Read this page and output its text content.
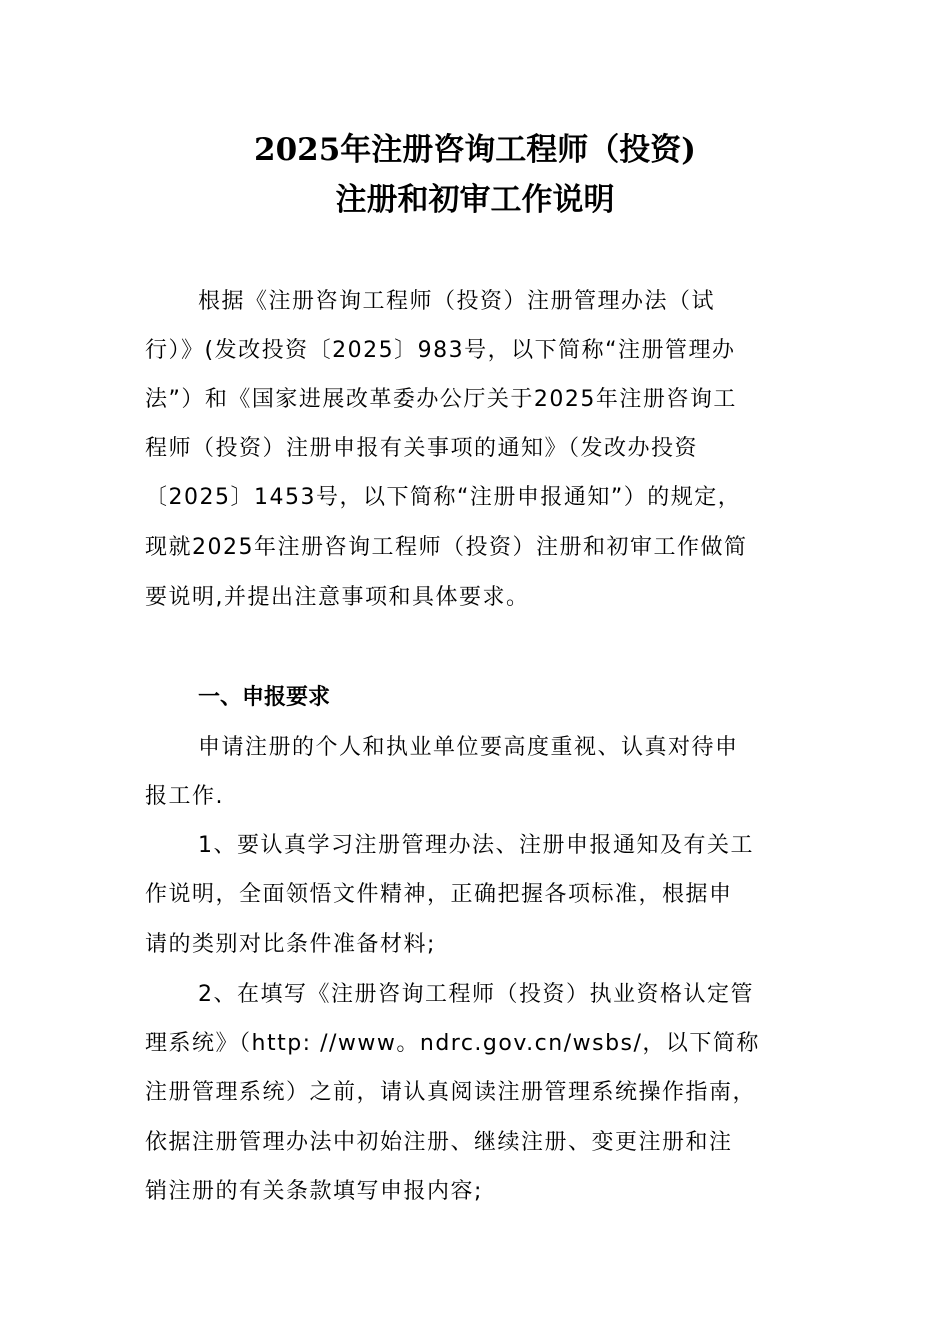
2025年注册咨询工程师（投资)
注册和初审工作说明
根据《注册咨询工程师（投资）注册管理办法（试
行）》(发改投资〔2025〕983号，以下简称“注册管理办
法”）和《国家进展改革委办公厅关于2025年注册咨询工
程师（投资）注册申报有关事项的通知》（发改办投资
〔2025〕1453号，以下简称“注册申报通知”）的规定，
现就2025年注册咨询工程师（投资）注册和初审工作做简
要说明,并提出注意事项和具体要求。
一、申报要求
申请注册的个人和执业单位要高度重视、认真对待申
报工作.
1、要认真学习注册管理办法、注册申报通知及有关工
作说明，全面领悟文件精神，正确把握各项标准，根据申
请的类别对比条件准备材料;
2、在填写《注册咨询工程师（投资）执业资格认定管
理系统》（http: //www。ndrc.gov.cn/wsbs/，以下简称
注册管理系统）之前，请认真阅读注册管理系统操作指南，
依据注册管理办法中初始注册、继续注册、变更注册和注
销注册的有关条款填写申报内容;
